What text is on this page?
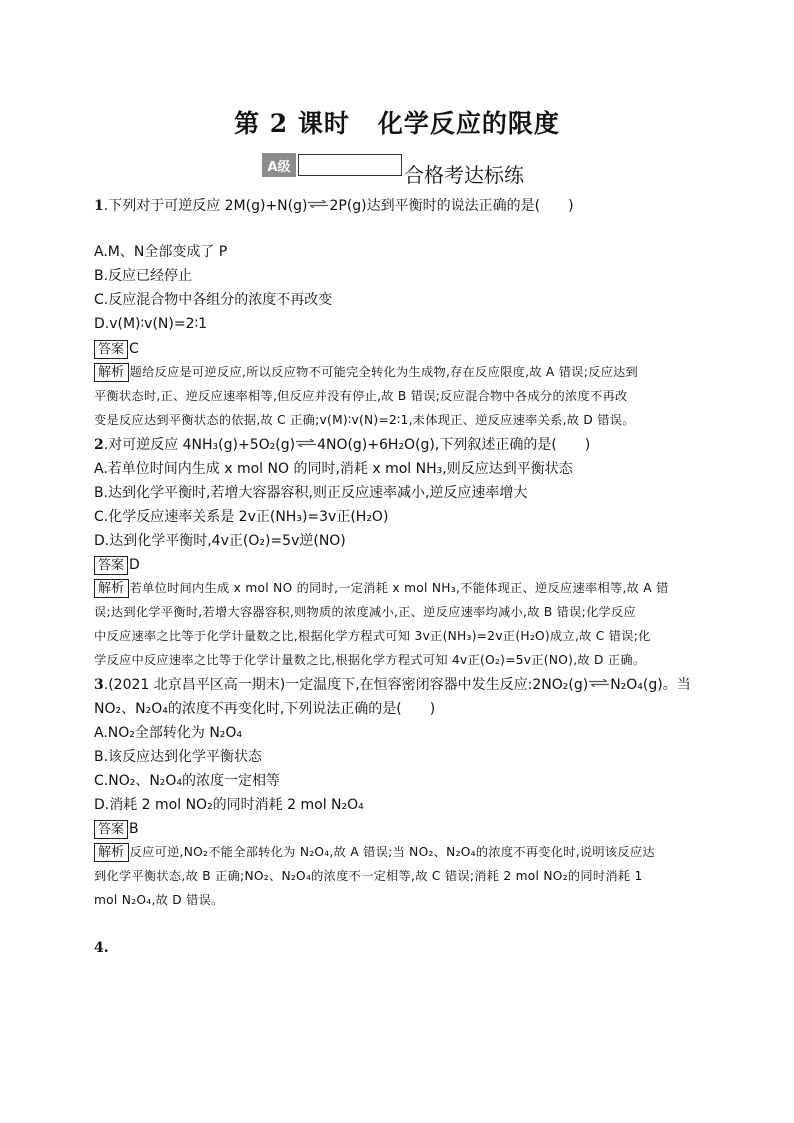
第 2 课时 化学反应的限度
A级	合格考达标练
1.下列对于可逆反应 2M(g)+N(g)⇌2P(g)达到平衡时的说法正确的是(　　)
A.M、N全部变成了 P
B.反应已经停止
C.反应混合物中各组分的浓度不再改变
D.v(M)∶v(N)=2∶1
答案 C
解析 题给反应是可逆反应,所以反应物不可能完全转化为生成物,存在反应限度,故 A 错误;反应达到
平衡状态时,正、逆反应速率相等,但反应并没有停止,故 B 错误;反应混合物中各成分的浓度不再改
变是反应达到平衡状态的依据,故 C 正确;v(M)∶v(N)=2∶1,未体现正、逆反应速率关系,故 D 错误。
2.对可逆反应 4NH₃(g)+5O₂(g)⇌4NO(g)+6H₂O(g),下列叙述正确的是(　　)
A.若单位时间内生成 x mol NO 的同时,消耗 x mol NH₃,则反应达到平衡状态
B.达到化学平衡时,若增大容器容积,则正反应速率减小,逆反应速率增大
C.化学反应速率关系是 2v正(NH₃)=3v正(H₂O)
D.达到化学平衡时,4v正(O₂)=5v逆(NO)
答案 D
解析 若单位时间内生成 x mol NO 的同时,一定消耗 x mol NH₃,不能体现正、逆反应速率相等,故 A 错
误;达到化学平衡时,若增大容器容积,则物质的浓度减小,正、逆反应速率均减小,故 B 错误;化学反应
中反应速率之比等于化学计量数之比,根据化学方程式可知 3v正(NH₃)=2v正(H₂O)成立,故 C 错误;化
学反应中反应速率之比等于化学计量数之比,根据化学方程式可知 4v正(O₂)=5v正(NO),故 D 正确。
3.(2021 北京昌平区高一期末)一定温度下,在恒容密闭容器中发生反应:2NO₂(g)⇌N₂O₄(g)。当
NO₂、N₂O₄的浓度不再变化时,下列说法正确的是(　　)
A.NO₂全部转化为 N₂O₄
B.该反应达到化学平衡状态
C.NO₂、N₂O₄的浓度一定相等
D.消耗 2 mol NO₂的同时消耗 2 mol N₂O₄
答案 B
解析 反应可逆,NO₂不能全部转化为 N₂O₄,故 A 错误;当 NO₂、N₂O₄的浓度不再变化时,说明该反应达
到化学平衡状态,故 B 正确;NO₂、N₂O₄的浓度不一定相等,故 C 错误;消耗 2 mol NO₂的同时消耗 1
mol N₂O₄,故 D 错误。
4.
